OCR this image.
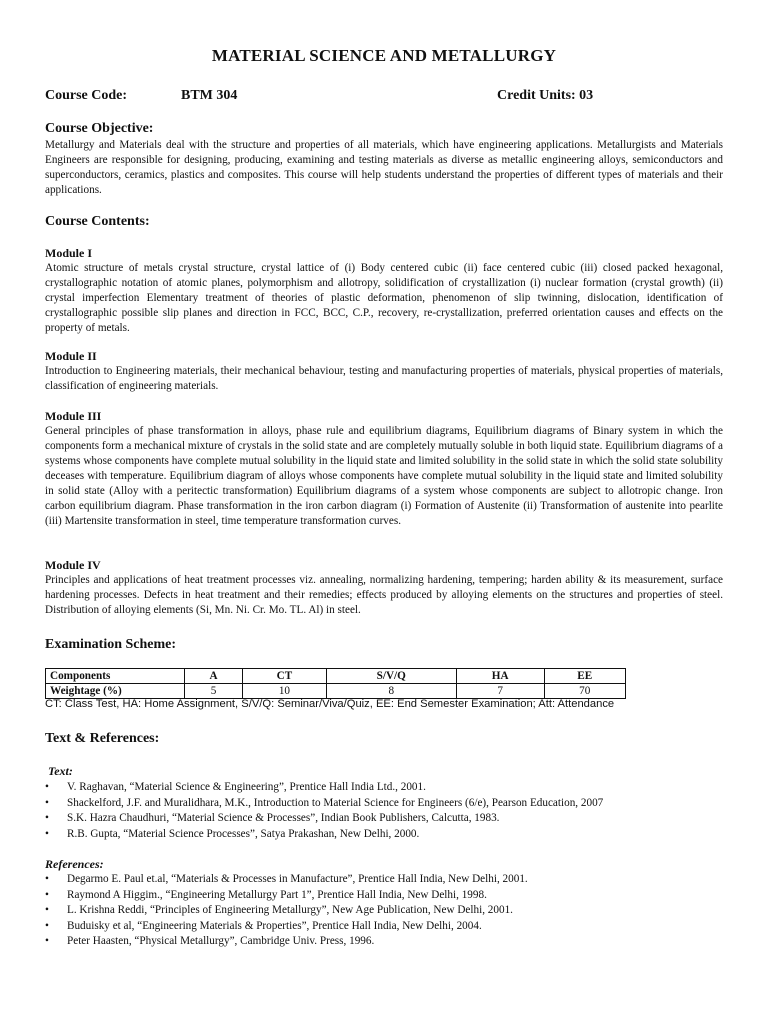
MATERIAL SCIENCE AND METALLURGY
Course Code:	BTM 304	Credit Units: 03
Course Objective:
Metallurgy and Materials deal with the structure and properties of all materials, which have engineering applications. Metallurgists and Materials Engineers are responsible for designing, producing, examining and testing materials as diverse as metallic engineering alloys, semiconductors and superconductors, ceramics, plastics and composites. This course will help students understand the properties of different types of materials and their applications.
Course Contents:
Module I
Atomic structure of metals crystal structure, crystal lattice of (i) Body centered cubic (ii) face centered cubic (iii) closed packed hexagonal, crystallographic notation of atomic planes, polymorphism and allotropy, solidification of crystallization (i) nuclear formation (crystal growth) (ii) crystal imperfection Elementary treatment of theories of plastic deformation, phenomenon of slip twinning, dislocation, identification of crystallographic possible slip planes and direction in FCC, BCC, C.P., recovery, re-crystallization, preferred orientation causes and effects on the property of metals.
Module II
Introduction to Engineering materials, their mechanical behaviour, testing and manufacturing properties of materials, physical properties of materials, classification of engineering materials.
Module III
General principles of phase transformation in alloys, phase rule and equilibrium diagrams, Equilibrium diagrams of Binary system in which the components form a mechanical mixture of crystals in the solid state and are completely mutually soluble in both liquid state. Equilibrium diagrams of a systems whose components have complete mutual solubility in the liquid state and limited solubility in the solid state in which the solid state solubility deceases with temperature. Equilibrium diagram of alloys whose components have complete mutual solubility in the liquid state and limited solubility in solid state (Alloy with a peritectic transformation) Equilibrium diagrams of a system whose components are subject to allotropic change. Iron carbon equilibrium diagram. Phase transformation in the iron carbon diagram (i) Formation of Austenite (ii) Transformation of austenite into pearlite (iii) Martensite transformation in steel, time temperature transformation curves.
Module IV
Principles and applications of heat treatment processes viz. annealing, normalizing hardening, tempering; harden ability & its measurement, surface hardening processes. Defects in heat treatment and their remedies; effects produced by alloying elements on the structures and properties of steel. Distribution of alloying elements (Si, Mn. Ni. Cr. Mo. TL. Al) in steel.
Examination Scheme:
Components	A	CT	S/V/Q	HA	EE
Weightage (%)	5	10	8	7	70
CT: Class Test, HA: Home Assignment, S/V/Q: Seminar/Viva/Quiz, EE: End Semester Examination; Att: Attendance
Text & References:
Text:
• V. Raghavan, “Material Science & Engineering”, Prentice Hall India Ltd., 2001.
• Shackelford, J.F. and Muralidhara, M.K., Introduction to Material Science for Engineers (6/e), Pearson Education, 2007
• S.K. Hazra Chaudhuri, “Material Science & Processes”, Indian Book Publishers, Calcutta, 1983.
• R.B. Gupta, “Material Science Processes”, Satya Prakashan, New Delhi, 2000.
References:
• Degarmo E. Paul et.al, “Materials & Processes in Manufacture”, Prentice Hall India, New Delhi, 2001.
• Raymond A Higgim., “Engineering Metallurgy Part 1”, Prentice Hall India, New Delhi, 1998.
• L. Krishna Reddi, “Principles of Engineering Metallurgy”, New Age Publication, New Delhi, 2001.
• Buduisky et al, “Engineering Materials & Properties”, Prentice Hall India, New Delhi, 2004.
• Peter Haasten, “Physical Metallurgy”, Cambridge Univ. Press, 1996.
